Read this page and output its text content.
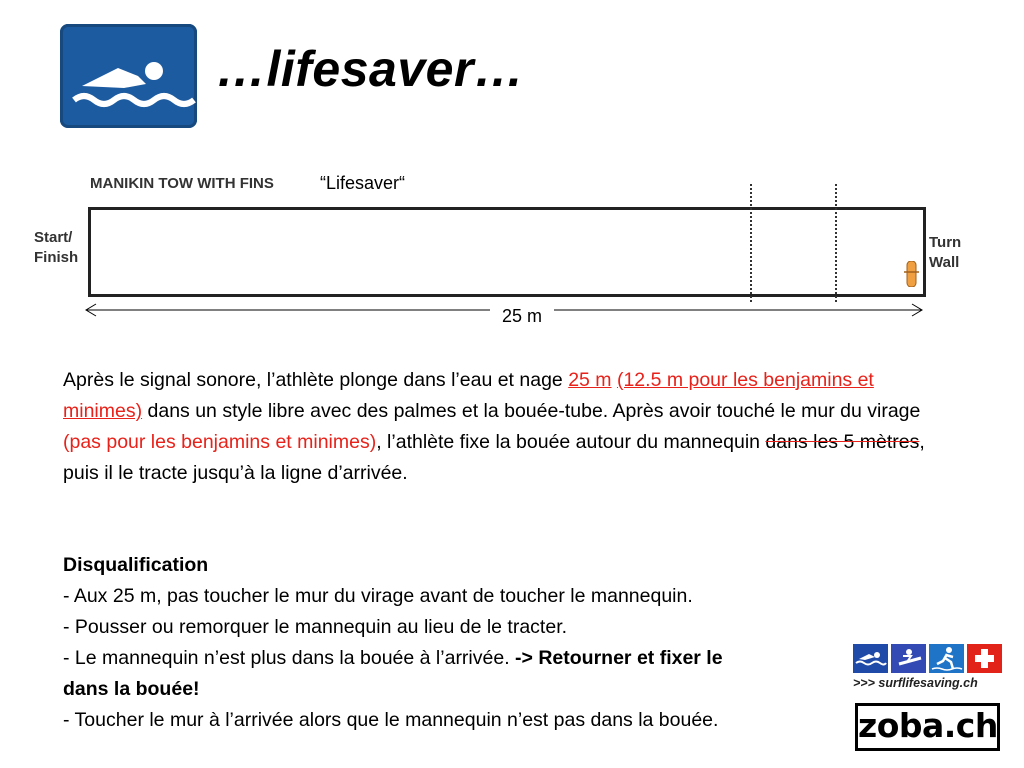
…lifesaver…
MANIKIN TOW WITH FINS	“Lifesaver“
Start/
Finish
Turn
Wall
25 m
Après le signal sonore, l’athlète plonge dans l’eau et nage 25 m (12.5 m pour les benjamins et minimes) dans un style libre avec des palmes et la bouée-tube. Après avoir touché le mur du virage (pas pour les benjamins et minimes), l’athlète fixe la bouée autour du mannequin dans les 5 mètres, puis il le tracte jusqu’à la ligne d’arrivée.
Disqualification
- Aux 25 m, pas toucher le mur du virage avant de toucher le mannequin.
- Pousser ou remorquer le mannequin au lieu de le tracter.
- Le mannequin n’est plus dans la bouée à l’arrivée. -> Retourner et fixer le
dans la bouée!
- Toucher le mur à l’arrivée alors que le mannequin n’est pas dans la bouée.
>>> surflifesaving.ch
zoba.ch
